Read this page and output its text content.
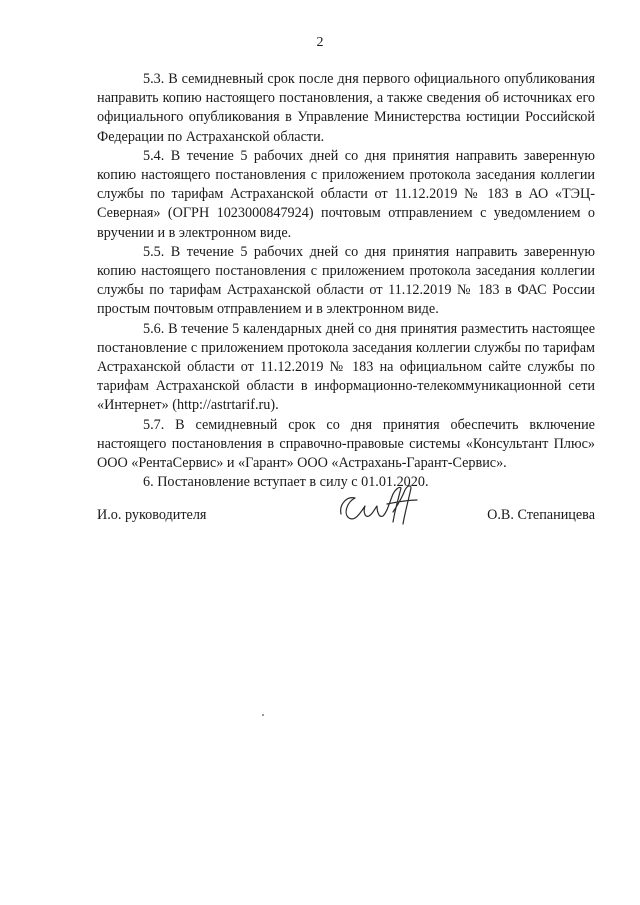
2

5.3. В семидневный срок после дня первого официального опубликования направить копию настоящего постановления, а также сведения об источниках его официального опубликования в Управление Министерства юстиции Российской Федерации по Астраханской области.

5.4. В течение 5 рабочих дней со дня принятия направить заверенную копию настоящего постановления с приложением протокола заседания коллегии службы по тарифам Астраханской области от 11.12.2019 № 183 в АО «ТЭЦ-Северная» (ОГРН 1023000847924) почтовым отправлением с уведомлением о вручении и в электронном виде.

5.5. В течение 5 рабочих дней со дня принятия направить заверенную копию настоящего постановления с приложением протокола заседания коллегии службы по тарифам Астраханской области от 11.12.2019 № 183 в ФАС России простым почтовым отправлением и в электронном виде.

5.6. В течение 5 календарных дней со дня принятия разместить настоящее постановление с приложением протокола заседания коллегии службы по тарифам Астраханской области от 11.12.2019 № 183 на официальном сайте службы по тарифам Астраханской области в информационно-телекоммуникационной сети «Интернет» (http://astrtarif.ru).

5.7. В семидневный срок со дня принятия обеспечить включение настоящего постановления в справочно-правовые системы «Консультант Плюс» ООО «РентаСервис» и «Гарант» ООО «Астрахань-Гарант-Сервис».

6. Постановление вступает в силу с 01.01.2020.

И.о. руководителя	О.В. Степаницева
